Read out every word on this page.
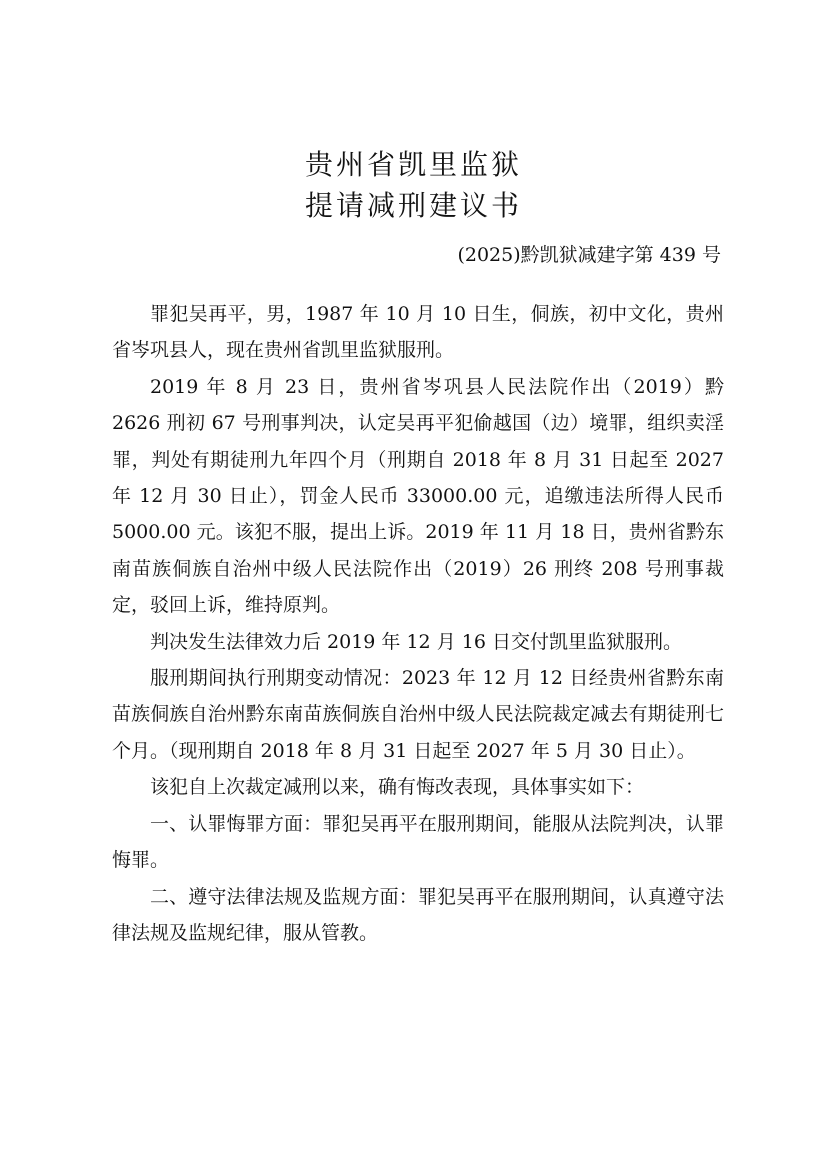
贵州省凯里监狱
提请减刑建议书
(2025)黔凯狱减建字第 439 号

罪犯吴再平，男，1987 年 10 月 10 日生，侗族，初中文化，贵州省岑巩县人，现在贵州省凯里监狱服刑。

2019 年 8 月 23 日，贵州省岑巩县人民法院作出（2019）黔 2626 刑初 67 号刑事判决，认定吴再平犯偷越国（边）境罪，组织卖淫罪，判处有期徒刑九年四个月（刑期自 2018 年 8 月 31 日起至 2027 年 12 月 30 日止），罚金人民币 33000.00 元，追缴违法所得人民币 5000.00 元。该犯不服，提出上诉。2019 年 11 月 18 日，贵州省黔东南苗族侗族自治州中级人民法院作出（2019）26 刑终 208 号刑事裁定，驳回上诉，维持原判。

判决发生法律效力后 2019 年 12 月 16 日交付凯里监狱服刑。

服刑期间执行刑期变动情况：2023 年 12 月 12 日经贵州省黔东南苗族侗族自治州黔东南苗族侗族自治州中级人民法院裁定减去有期徒刑七个月。（现刑期自 2018 年 8 月 31 日起至 2027 年 5 月 30 日止）。

该犯自上次裁定减刑以来，确有悔改表现，具体事实如下：

一、认罪悔罪方面：罪犯吴再平在服刑期间，能服从法院判决，认罪悔罪。

二、遵守法律法规及监规方面：罪犯吴再平在服刑期间，认真遵守法律法规及监规纪律，服从管教。
